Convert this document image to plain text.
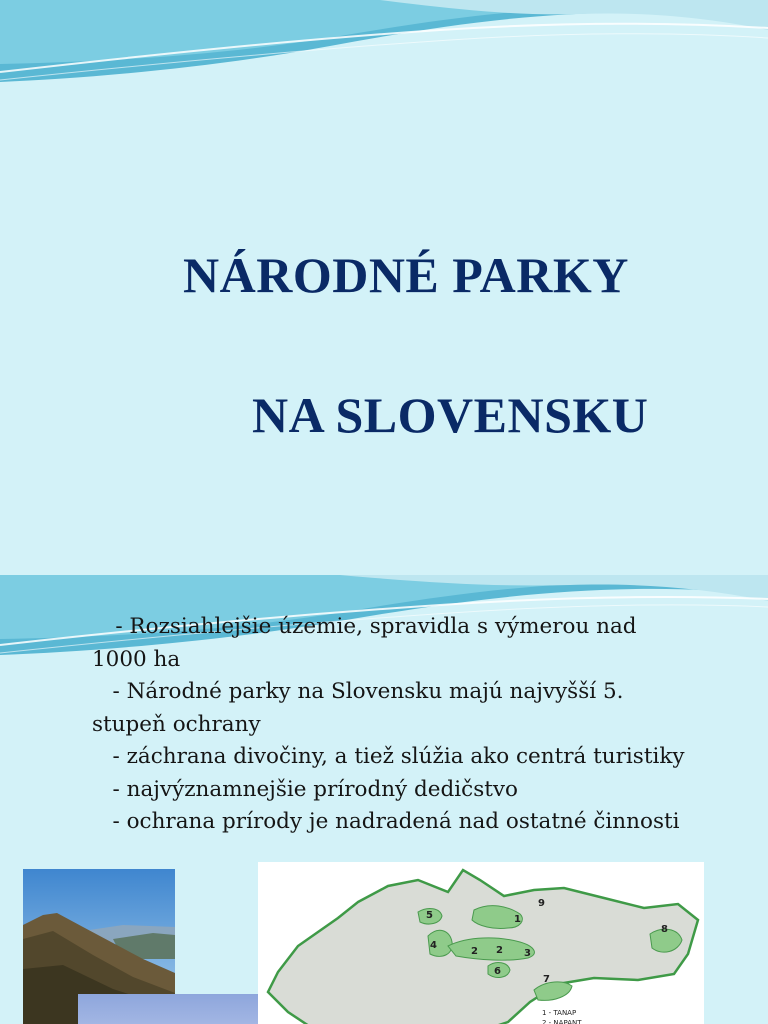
NÁRODNÉ PARKY
NA SLOVENSKU
- Rozsiahlejšie územie, spravidla s výmerou nad
1000 ha
- Národné parky na Slovensku majú najvyšší 5.
stupeň ochrany
- záchrana divočiny, a tiež slúžia ako centrá turistiky
- najvýznamnejšie prírodný dedičstvo
- ochrana prírody je nadradená nad ostatné činnosti
1
2 2 3
4
5
6
7
8
9
1 - TANAP
2 - NAPANT
